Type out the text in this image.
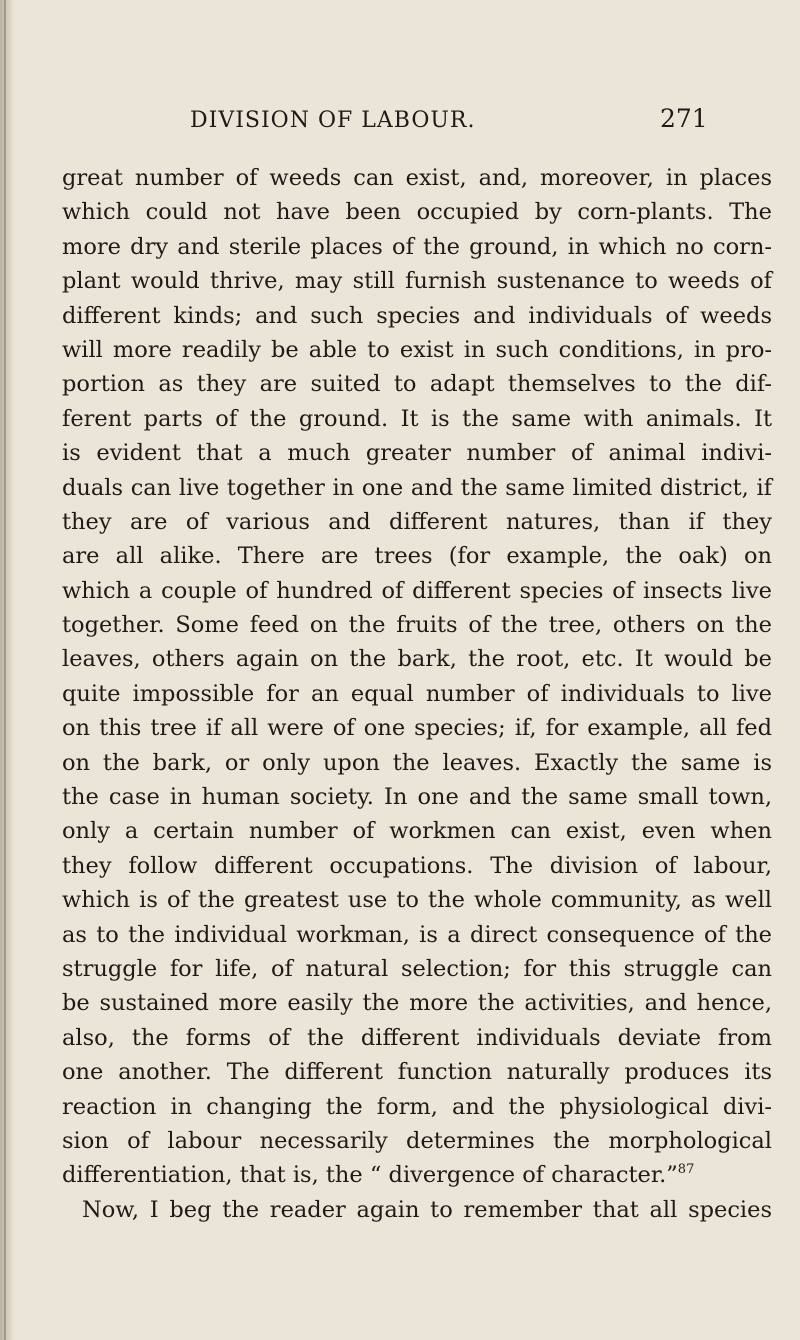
DIVISION OF LABOUR.	271
great number of weeds can exist, and, moreover, in places
which could not have been occupied by corn-plants. The
more dry and sterile places of the ground, in which no corn-
plant would thrive, may still furnish sustenance to weeds of
different kinds; and such species and individuals of weeds
will more readily be able to exist in such conditions, in pro-
portion as they are suited to adapt themselves to the dif-
ferent parts of the ground. It is the same with animals. It
is evident that a much greater number of animal indivi-
duals can live together in one and the same limited district, if
they are of various and different natures, than if they
are all alike. There are trees (for example, the oak) on
which a couple of hundred of different species of insects live
together. Some feed on the fruits of the tree, others on the
leaves, others again on the bark, the root, etc. It would be
quite impossible for an equal number of individuals to live
on this tree if all were of one species; if, for example, all fed
on the bark, or only upon the leaves. Exactly the same is
the case in human society. In one and the same small town,
only a certain number of workmen can exist, even when
they follow different occupations. The division of labour,
which is of the greatest use to the whole community, as well
as to the individual workman, is a direct consequence of the
struggle for life, of natural selection; for this struggle can
be sustained more easily the more the activities, and hence,
also, the forms of the different individuals deviate from
one another. The different function naturally produces its
reaction in changing the form, and the physiological divi-
sion of labour necessarily determines the morphological
differentiation, that is, the “ divergence of character.”$^{87}$
Now, I beg the reader again to remember that all species
